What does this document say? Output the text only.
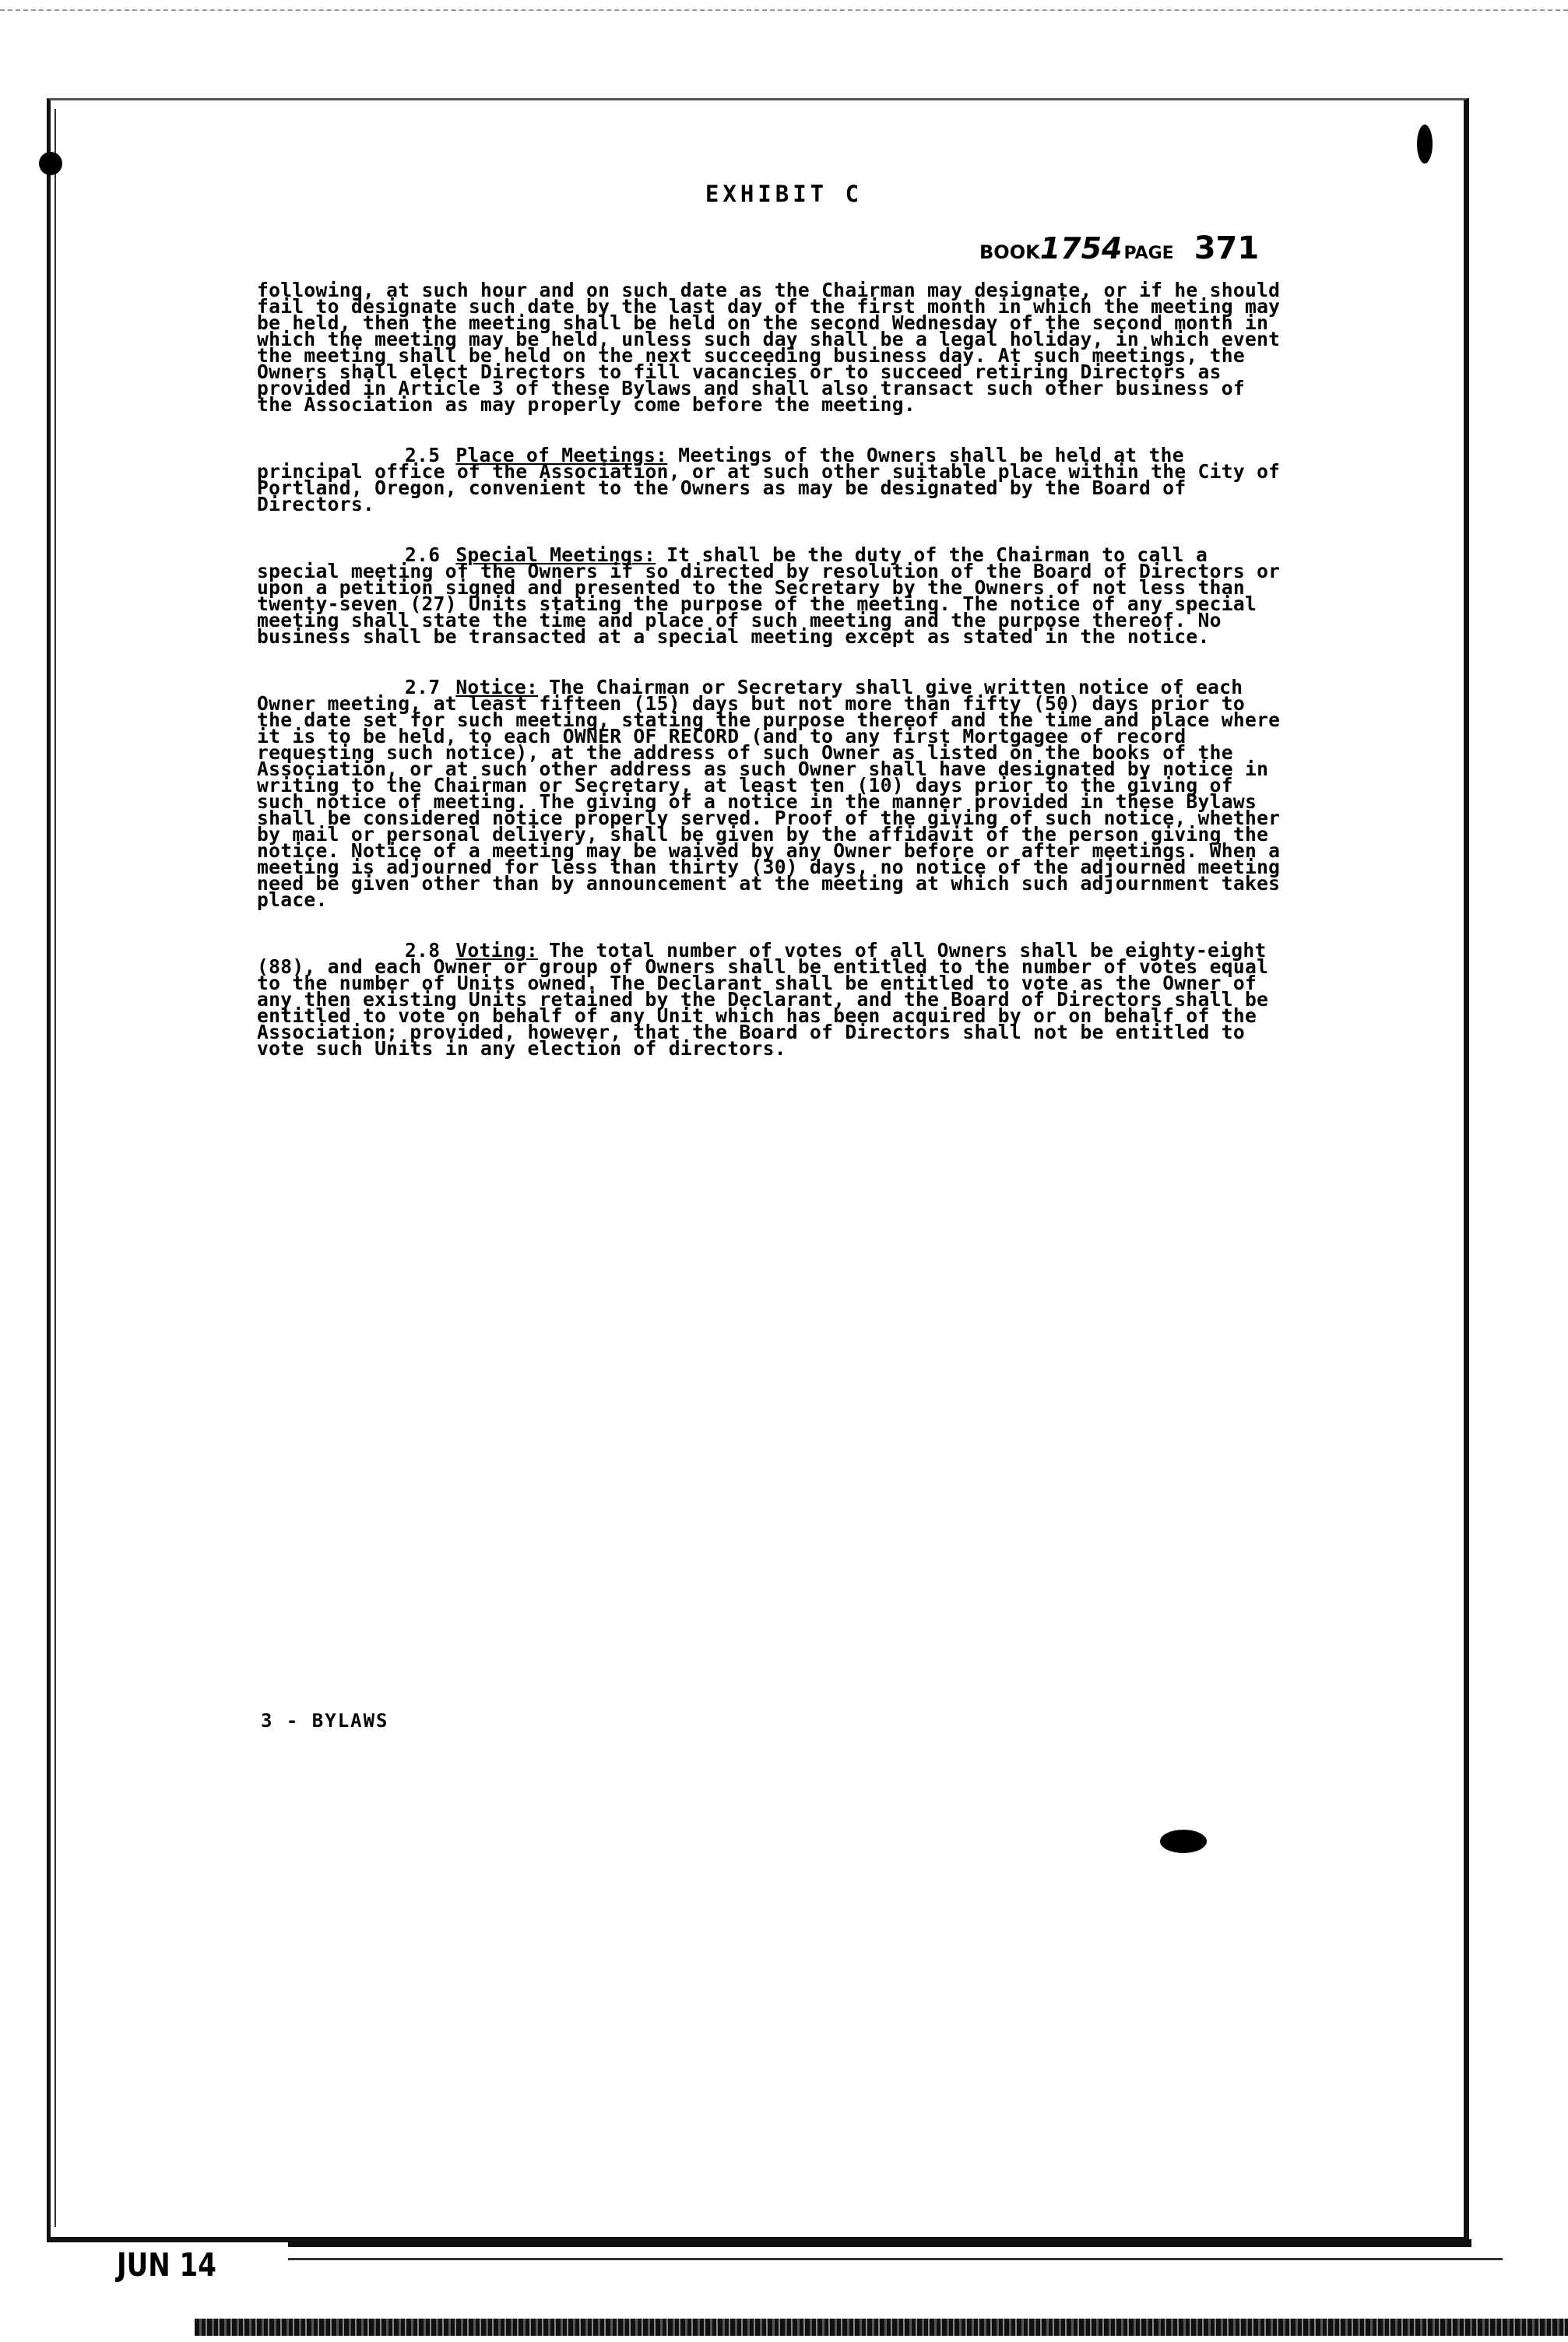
EXHIBIT C
BOOK1754PAGE 371

following, at such hour and on such date as the Chairman may designate, or if he should fail to designate such date by the last day of the first month in which the meeting may be held, then the meeting shall be held on the second Wednesday of the second month in which the meeting may be held, unless such day shall be a legal holiday, in which event the meeting shall be held on the next succeeding business day. At such meetings, the Owners shall elect Directors to fill vacancies or to succeed retiring Directors as provided in Article 3 of these Bylaws and shall also transact such other business of the Association as may properly come before the meeting.

2.5 Place of Meetings: Meetings of the Owners shall be held at the principal office of the Association, or at such other suitable place within the City of Portland, Oregon, convenient to the Owners as may be designated by the Board of Directors.

2.6 Special Meetings: It shall be the duty of the Chairman to call a special meeting of the Owners if so directed by resolution of the Board of Directors or upon a petition signed and presented to the Secretary by the Owners of not less than twenty-seven (27) Units stating the purpose of the meeting. The notice of any special meeting shall state the time and place of such meeting and the purpose thereof. No business shall be transacted at a special meeting except as stated in the notice.

2.7 Notice: The Chairman or Secretary shall give written notice of each Owner meeting, at least fifteen (15) days but not more than fifty (50) days prior to the date set for such meeting, stating the purpose thereof and the time and place where it is to be held, to each OWNER OF RECORD (and to any first Mortgagee of record requesting such notice), at the address of such Owner as listed on the books of the Association, or at such other address as such Owner shall have designated by notice in writing to the Chairman or Secretary, at least ten (10) days prior to the giving of such notice of meeting. The giving of a notice in the manner provided in these Bylaws shall be considered notice properly served. Proof of the giving of such notice, whether by mail or personal delivery, shall be given by the affidavit of the person giving the notice. Notice of a meeting may be waived by any Owner before or after meetings. When a meeting is adjourned for less than thirty (30) days, no notice of the adjourned meeting need be given other than by announcement at the meeting at which such adjournment takes place.

2.8 Voting: The total number of votes of all Owners shall be eighty-eight (88), and each Owner or group of Owners shall be entitled to the number of votes equal to the number of Units owned. The Declarant shall be entitled to vote as the Owner of any then existing Units retained by the Declarant, and the Board of Directors shall be entitled to vote on behalf of any Unit which has been acquired by or on behalf of the Association; provided, however, that the Board of Directors shall not be entitled to vote such Units in any election of directors.

3 - BYLAWS
JUN 14
